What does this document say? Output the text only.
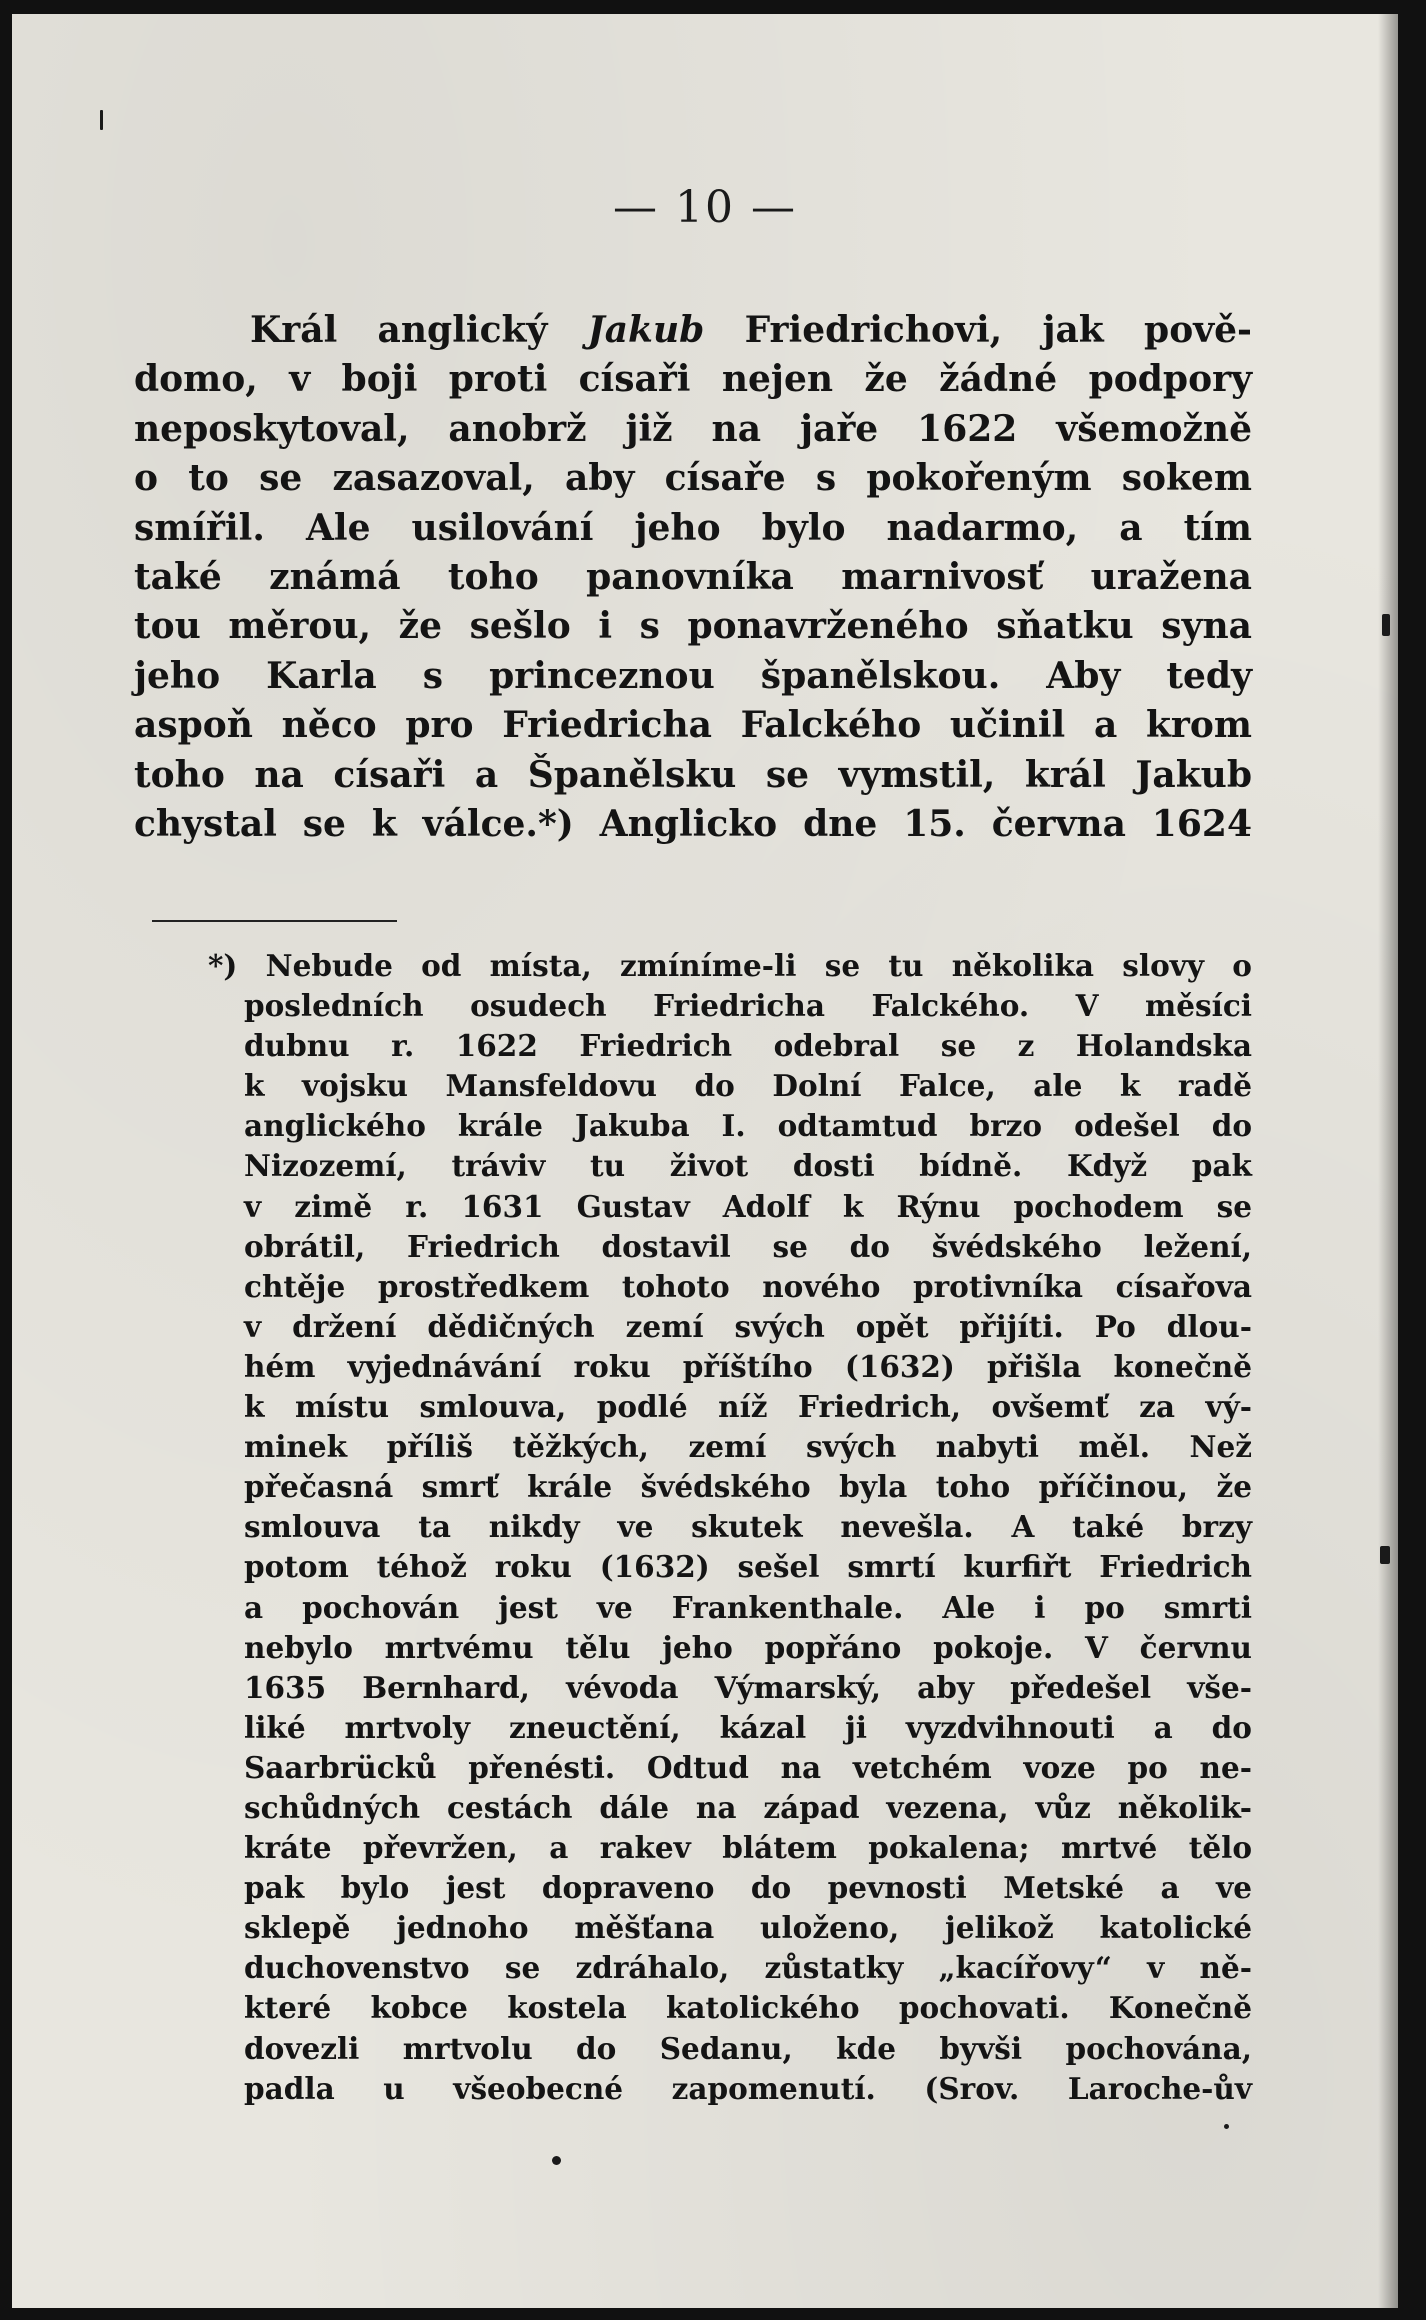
— 10 —
Král anglický Jakub Friedrichovi, jak pově-
domo, v boji proti císaři nejen že žádné podpory
neposkytoval, anobrž již na jaře 1622 všemožně
o to se zasazoval, aby císaře s pokořeným sokem
smířil. Ale usilování jeho bylo nadarmo, a tím
také známá toho panovníka marnivosť uražena
tou měrou, že sešlo i s ponavrženého sňatku syna
jeho Karla s princeznou španělskou. Aby tedy
aspoň něco pro Friedricha Falckého učinil a krom
toho na císaři a Španělsku se vymstil, král Jakub
chystal se k válce.*) Anglicko dne 15. června 1624
*) Nebude od místa, zmíníme-li se tu několika slovy o
posledních osudech Friedricha Falckého. V měsíci
dubnu r. 1622 Friedrich odebral se z Holandska
k vojsku Mansfeldovu do Dolní Falce, ale k radě
anglického krále Jakuba I. odtamtud brzo odešel do
Nizozemí, tráviv tu život dosti bídně. Když pak
v zimě r. 1631 Gustav Adolf k Rýnu pochodem se
obrátil, Friedrich dostavil se do švédského ležení,
chtěje prostředkem tohoto nového protivníka císařova
v držení dědičných zemí svých opět přijíti. Po dlou-
hém vyjednávání roku příštího (1632) přišla konečně
k místu smlouva, podlé níž Friedrich, ovšemť za vý-
minek příliš těžkých, zemí svých nabyti měl. Než
přečasná smrť krále švédského byla toho příčinou, že
smlouva ta nikdy ve skutek nevešla. A také brzy
potom téhož roku (1632) sešel smrtí kurfiřt Friedrich
a pochován jest ve Frankenthale. Ale i po smrti
nebylo mrtvému tělu jeho popřáno pokoje. V červnu
1635 Bernhard, vévoda Výmarský, aby předešel vše-
liké mrtvoly zneuctění, kázal ji vyzdvihnouti a do
Saarbrücků přenésti. Odtud na vetchém voze po ne-
schůdných cestách dále na západ vezena, vůz několik-
kráte převržen, a rakev blátem pokalena; mrtvé tělo
pak bylo jest dopraveno do pevnosti Metské a ve
sklepě jednoho měšťana uloženo, jelikož katolické
duchovenstvo se zdráhalo, zůstatky „kacířovy“ v ně-
které kobce kostela katolického pochovati. Konečně
dovezli mrtvolu do Sedanu, kde byvši pochována,
padla u všeobecné zapomenutí. (Srov. Laroche-ův
